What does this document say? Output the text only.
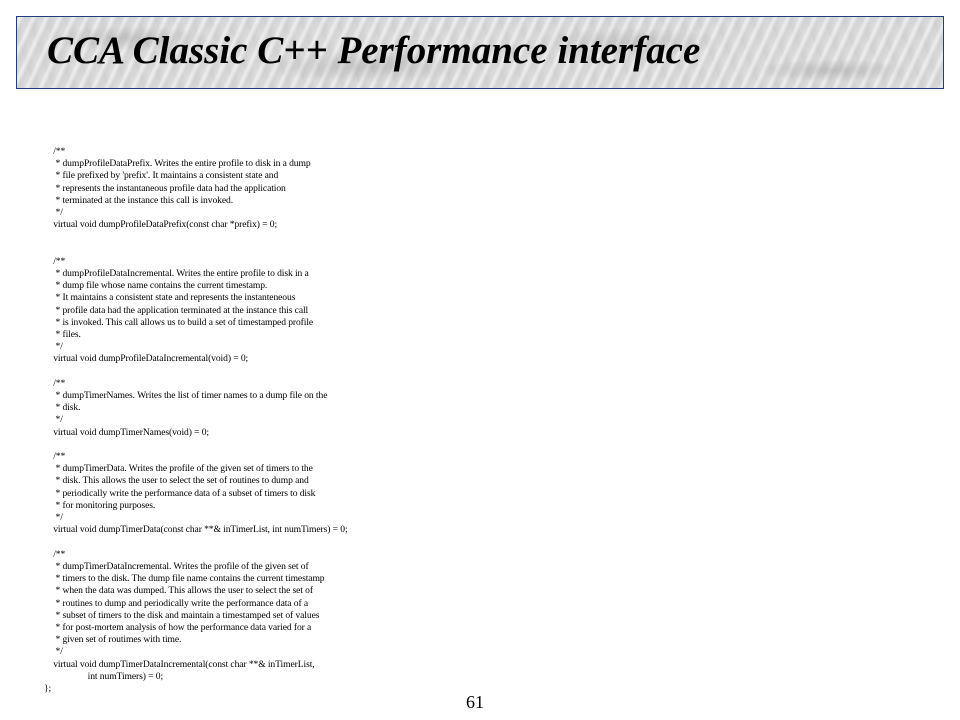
CCA Classic C++ Performance interface
/**
* dumpProfileDataPrefix. Writes the entire profile to disk in a dump
* file prefixed by 'prefix'. It maintains a consistent state and
* represents the instantaneous profile data had the application
* terminated at the instance this call is invoked.
*/
virtual void dumpProfileDataPrefix(const char *prefix) = 0;

/**
* dumpProfileDataIncremental. Writes the entire profile to disk in a
* dump file whose name contains the current timestamp.
* It maintains a consistent state and represents the instanteneous
* profile data had the application terminated at the instance this call
* is invoked. This call allows us to build a set of timestamped profile
* files.
*/
virtual void dumpProfileDataIncremental(void) = 0;

/**
* dumpTimerNames. Writes the list of timer names to a dump file on the
* disk.
*/
virtual void dumpTimerNames(void) = 0;

/**
* dumpTimerData. Writes the profile of the given set of timers to the
* disk. This allows the user to select the set of routines to dump and
* periodically write the performance data of a subset of timers to disk
* for monitoring purposes.
*/
virtual void dumpTimerData(const char **& inTimerList, int numTimers) = 0;

/**
* dumpTimerDataIncremental. Writes the profile of the given set of
* timers to the disk. The dump file name contains the current timestamp
* when the data was dumped. This allows the user to select the set of
* routines to dump and periodically write the performance data of a
* subset of timers to the disk and maintain a timestamped set of values
* for post-mortem analysis of how the performance data varied for a
* given set of routimes with time.
*/
virtual void dumpTimerDataIncremental(const char **& inTimerList,
int numTimers) = 0;
};
61
